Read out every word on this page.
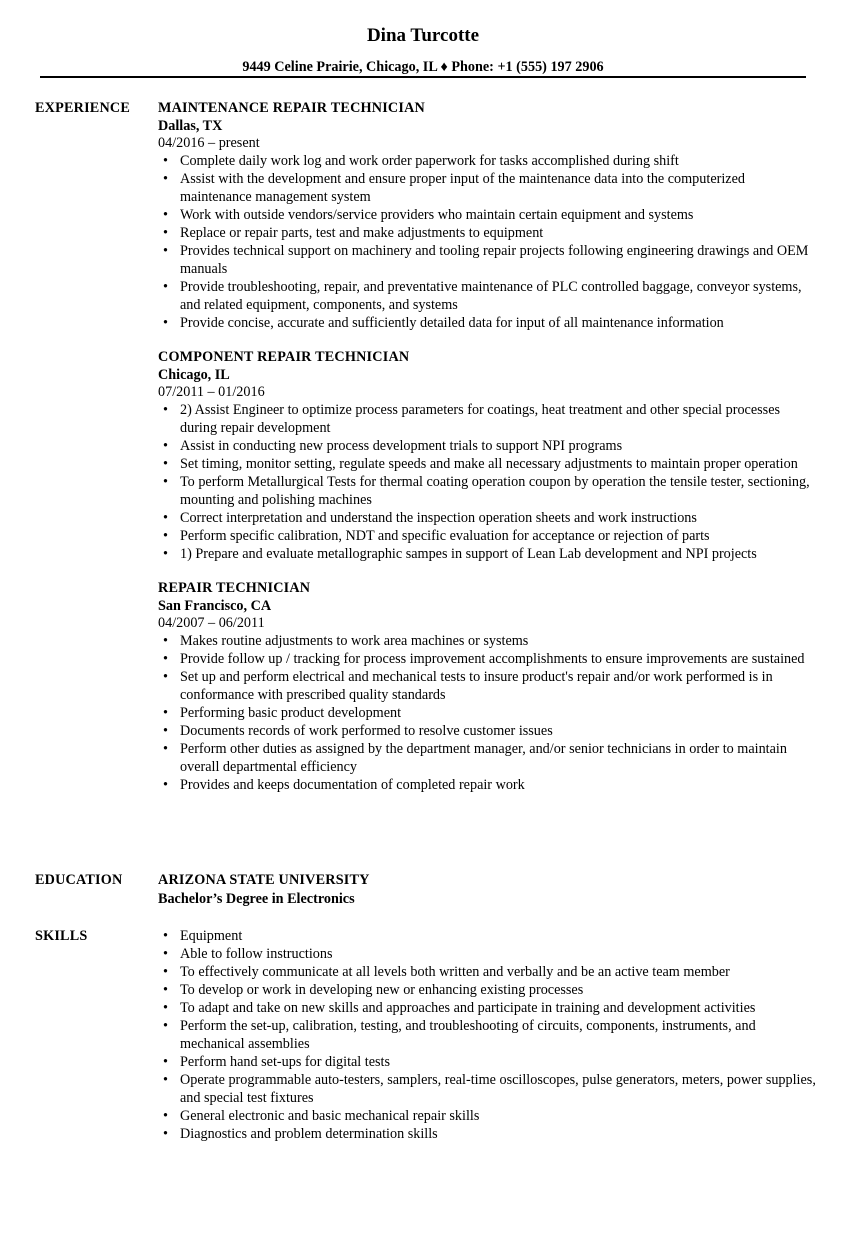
Dina Turcotte
9449 Celine Prairie, Chicago, IL ♦ Phone: +1 (555) 197 2906
EXPERIENCE MAINTENANCE REPAIR TECHNICIAN
Dallas, TX
04/2016 – present
• Complete daily work log and work order paperwork for tasks accomplished during shift
• Assist with the development and ensure proper input of the maintenance data into the computerized maintenance management system
• Work with outside vendors/service providers who maintain certain equipment and systems
• Replace or repair parts, test and make adjustments to equipment
• Provides technical support on machinery and tooling repair projects following engineering drawings and OEM manuals
• Provide troubleshooting, repair, and preventative maintenance of PLC controlled baggage, conveyor systems, and related equipment, components, and systems
• Provide concise, accurate and sufficiently detailed data for input of all maintenance information
COMPONENT REPAIR TECHNICIAN
Chicago, IL
07/2011 – 01/2016
• 2) Assist Engineer to optimize process parameters for coatings, heat treatment and other special processes during repair development
• Assist in conducting new process development trials to support NPI programs
• Set timing, monitor setting, regulate speeds and make all necessary adjustments to maintain proper operation
• To perform Metallurgical Tests for thermal coating operation coupon by operation the tensile tester, sectioning, mounting and polishing machines
• Correct interpretation and understand the inspection operation sheets and work instructions
• Perform specific calibration, NDT and specific evaluation for acceptance or rejection of parts
• 1) Prepare and evaluate metallographic sampes in support of Lean Lab development and NPI projects
REPAIR TECHNICIAN
San Francisco, CA
04/2007 – 06/2011
• Makes routine adjustments to work area machines or systems
• Provide follow up / tracking for process improvement accomplishments to ensure improvements are sustained
• Set up and perform electrical and mechanical tests to insure product's repair and/or work performed is in conformance with prescribed quality standards
• Performing basic product development
• Documents records of work performed to resolve customer issues
• Perform other duties as assigned by the department manager, and/or senior technicians in order to maintain overall departmental efficiency
• Provides and keeps documentation of completed repair work
EDUCATION	ARIZONA STATE UNIVERSITY
Bachelor’s Degree in Electronics
SKILLS
•	Equipment
• Able to follow instructions
• To effectively communicate at all levels both written and verbally and be an active team member
• To develop or work in developing new or enhancing existing processes
• To adapt and take on new skills and approaches and participate in training and development activities
• Perform the set-up, calibration, testing, and troubleshooting of circuits, components, instruments, and mechanical assemblies
• Perform hand set-ups for digital tests
• Operate programmable auto-testers, samplers, real-time oscilloscopes, pulse generators, meters, power supplies, and special test fixtures
• General electronic and basic mechanical repair skills
• Diagnostics and problem determination skills
